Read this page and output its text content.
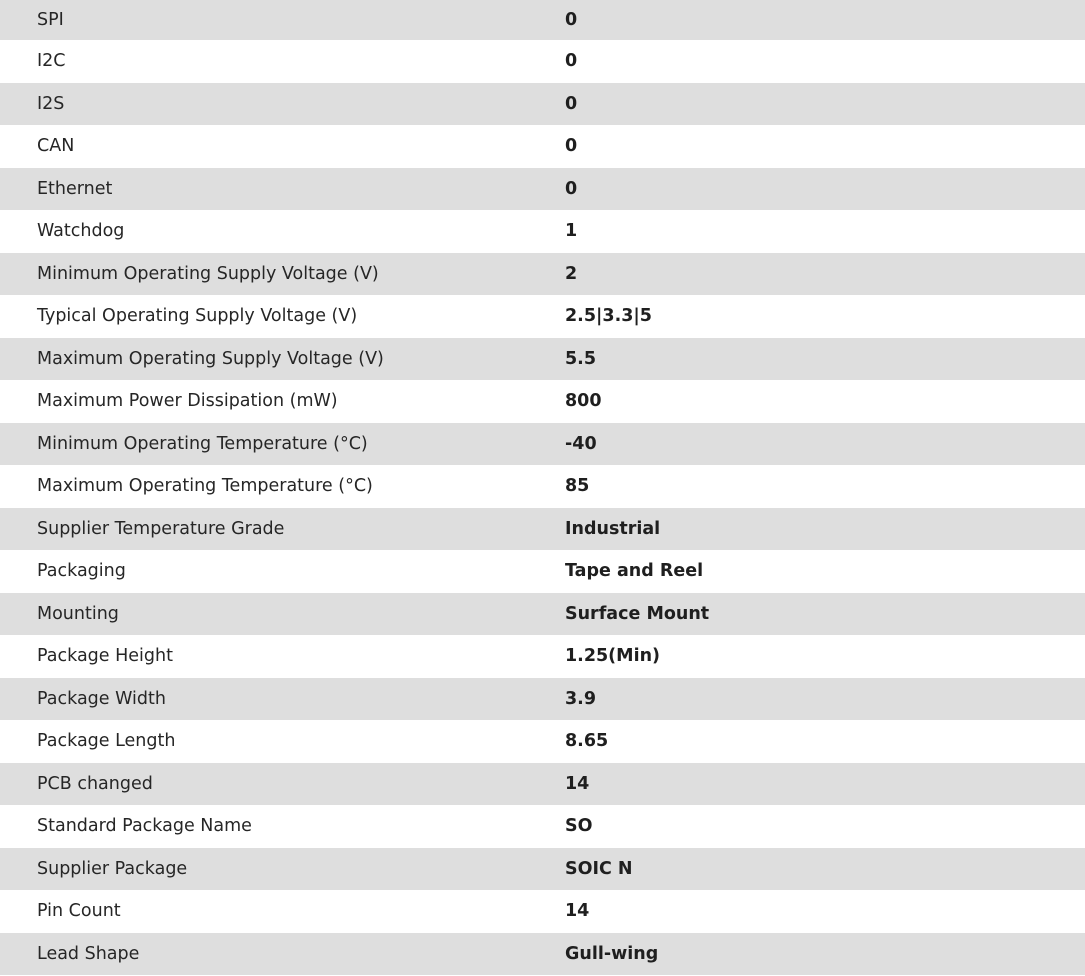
SPI	0
I2C	0
I2S	0
CAN	0
Ethernet	0
Watchdog	1
Minimum Operating Supply Voltage (V)	2
Typical Operating Supply Voltage (V)	2.5|3.3|5
Maximum Operating Supply Voltage (V)	5.5
Maximum Power Dissipation (mW)	800
Minimum Operating Temperature (°C)	-40
Maximum Operating Temperature (°C)	85
Supplier Temperature Grade	Industrial
Packaging	Tape and Reel
Mounting	Surface Mount
Package Height	1.25(Min)
Package Width	3.9
Package Length	8.65
PCB changed	14
Standard Package Name	SO
Supplier Package	SOIC N
Pin Count	14
Lead Shape	Gull-wing
